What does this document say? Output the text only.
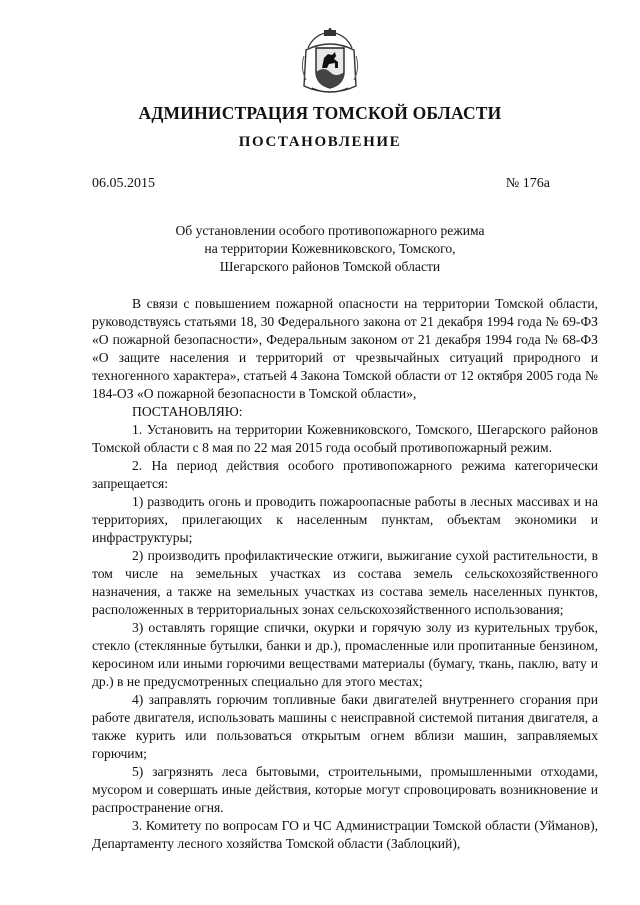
АДМИНИСТРАЦИЯ ТОМСКОЙ ОБЛАСТИ
ПОСТАНОВЛЕНИЕ
06.05.2015	№ 176а
Об установлении особого противопожарного режима
на территории Кожевниковского, Томского,
Шегарского районов Томской области

В связи с повышением пожарной опасности на территории Томской области, руководствуясь статьями 18, 30 Федерального закона от 21 декабря 1994 года № 69-ФЗ «О пожарной безопасности», Федеральным законом от 21 декабря 1994 года № 68-ФЗ «О защите населения и территорий от чрезвычайных ситуаций природного и техногенного характера», статьей 4 Закона Томской области от 12 октября 2005 года № 184-ОЗ «О пожарной безопасности в Томской области»,

ПОСТАНОВЛЯЮ:

1. Установить на территории Кожевниковского, Томского, Шегарского районов Томской области с 8 мая по 22 мая 2015 года особый противопожарный режим.

2. На период действия особого противопожарного режима категорически запрещается:

1) разводить огонь и проводить пожароопасные работы в лесных массивах и на территориях, прилегающих к населенным пунктам, объектам экономики и инфраструктуры;

2) производить профилактические отжиги, выжигание сухой растительности, в том числе на земельных участках из состава земель сельскохозяйственного назначения, а также на земельных участках из состава земель населенных пунктов, расположенных в территориальных зонах сельскохозяйственного использования;

3) оставлять горящие спички, окурки и горячую золу из курительных трубок, стекло (стеклянные бутылки, банки и др.), промасленные или пропитанные бензином, керосином или иными горючими веществами материалы (бумагу, ткань, паклю, вату и др.) в не предусмотренных специально для этого местах;

4) заправлять горючим топливные баки двигателей внутреннего сгорания при работе двигателя, использовать машины с неисправной системой питания двигателя, а также курить или пользоваться открытым огнем вблизи машин, заправляемых горючим;

5) загрязнять леса бытовыми, строительными, промышленными отходами, мусором и совершать иные действия, которые могут спровоцировать возникновение и распространение огня.

3. Комитету по вопросам ГО и ЧС Администрации Томской области (Уйманов), Департаменту лесного хозяйства Томской области (Заблоцкий),
